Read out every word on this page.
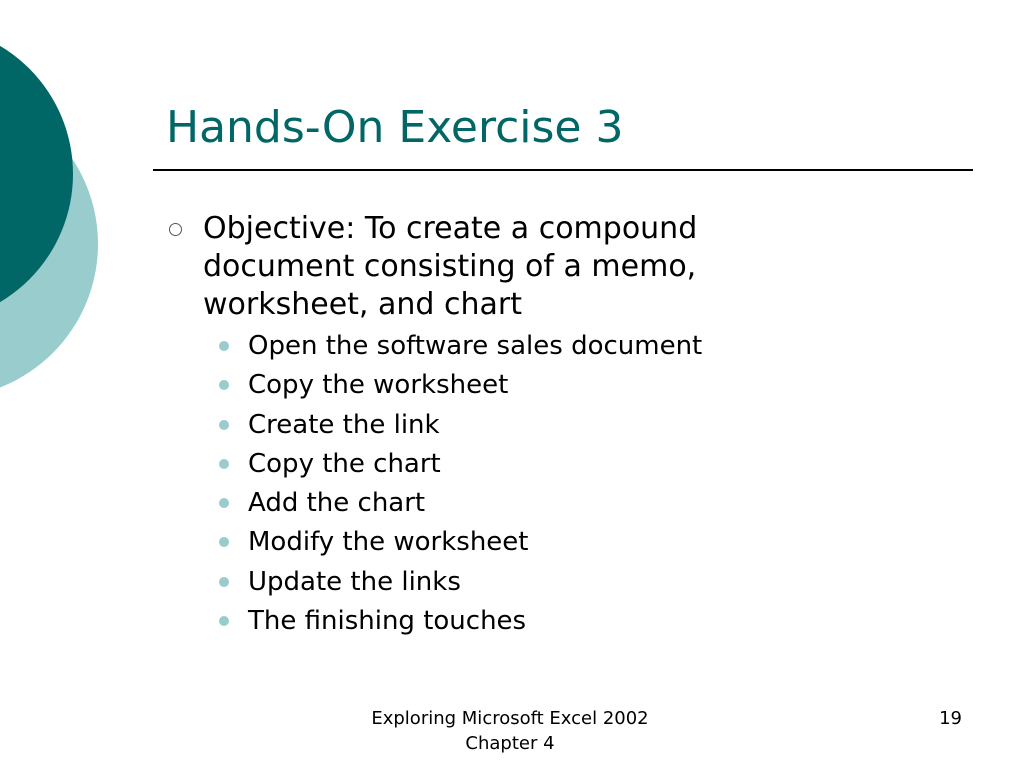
Hands-On Exercise 3
Objective: To create a compound
document consisting of a memo,
worksheet, and chart
Open the software sales document
Copy the worksheet
Create the link
Copy the chart
Add the chart
Modify the worksheet
Update the links
The finishing touches
Exploring Microsoft Excel 2002
Chapter 4
19
